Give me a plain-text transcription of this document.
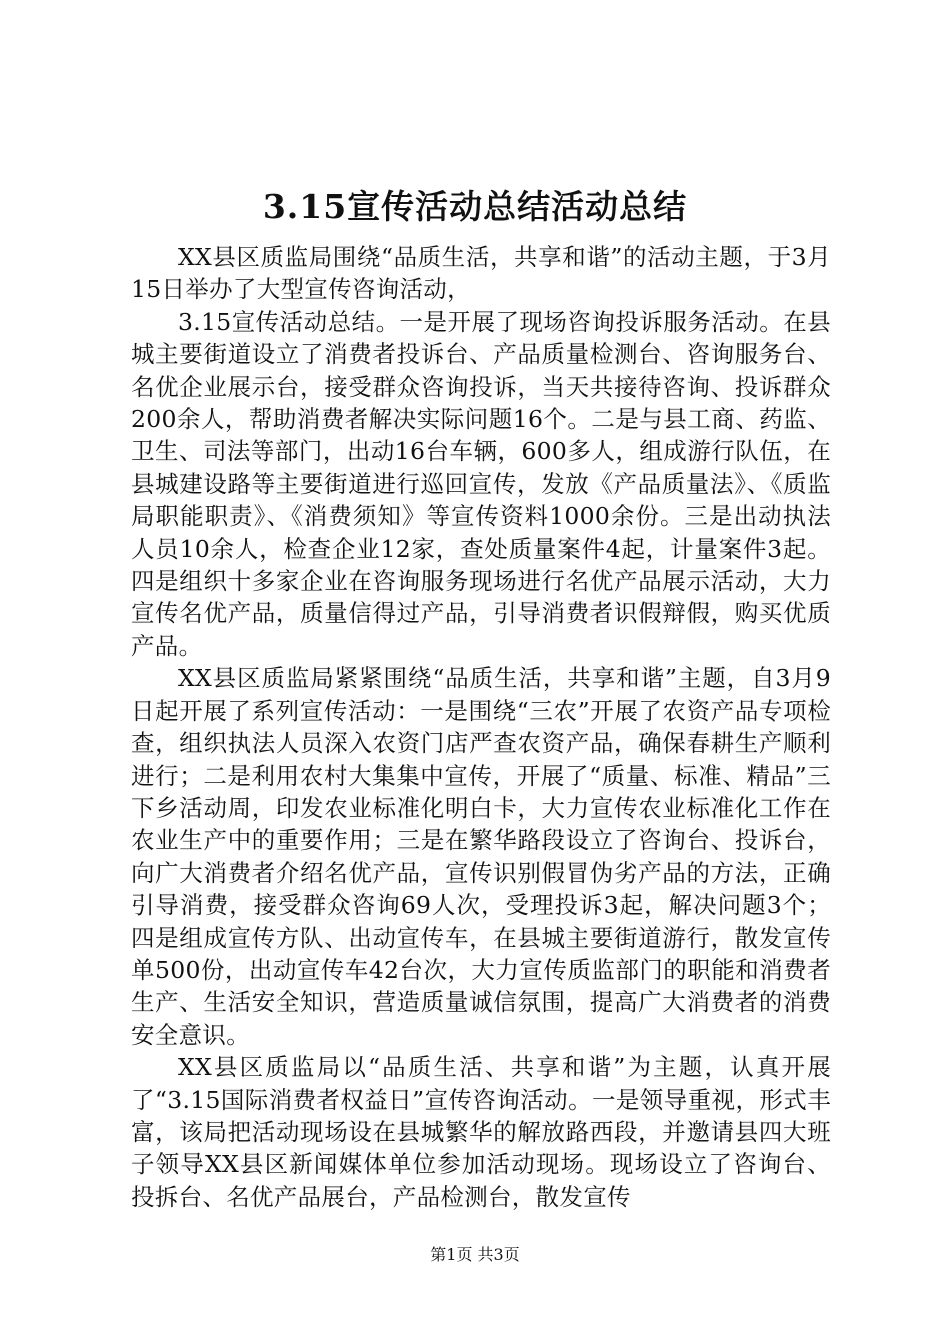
3.15宣传活动总结活动总结

XX县区质监局围绕“品质生活，共享和谐”的活动主题，于3月15日举办了大型宣传咨询活动，

3.15宣传活动总结。一是开展了现场咨询投诉服务活动。在县城主要街道设立了消费者投诉台、产品质量检测台、咨询服务台、名优企业展示台，接受群众咨询投诉，当天共接待咨询、投诉群众200余人，帮助消费者解决实际问题16个。二是与县工商、药监、卫生、司法等部门，出动16台车辆，600多人，组成游行队伍，在县城建设路等主要街道进行巡回宣传，发放《产品质量法》、《质监局职能职责》、《消费须知》等宣传资料1000余份。三是出动执法人员10余人，检查企业12家，查处质量案件4起，计量案件3起。四是组织十多家企业在咨询服务现场进行名优产品展示活动，大力宣传名优产品，质量信得过产品，引导消费者识假辩假，购买优质产品。

XX县区质监局紧紧围绕“品质生活，共享和谐”主题，自3月9日起开展了系列宣传活动：一是围绕“三农”开展了农资产品专项检查，组织执法人员深入农资门店严查农资产品，确保春耕生产顺利进行；二是利用农村大集集中宣传，开展了“质量、标准、精品”三下乡活动周，印发农业标准化明白卡，大力宣传农业标准化工作在农业生产中的重要作用；三是在繁华路段设立了咨询台、投诉台，向广大消费者介绍名优产品，宣传识别假冒伪劣产品的方法，正确引导消费，接受群众咨询69人次，受理投诉3起，解决问题3个；四是组成宣传方队、出动宣传车，在县城主要街道游行，散发宣传单500份，出动宣传车42台次，大力宣传质监部门的职能和消费者生产、生活安全知识，营造质量诚信氛围，提高广大消费者的消费安全意识。

XX县区质监局以“品质生活、共享和谐”为主题，认真开展了“3.15国际消费者权益日”宣传咨询活动。一是领导重视，形式丰富，该局把活动现场设在县城繁华的解放路西段，并邀请县四大班子领导XX县区新闻媒体单位参加活动现场。现场设立了咨询台、投拆台、名优产品展台，产品检测台，散发宣传

第1页 共3页
